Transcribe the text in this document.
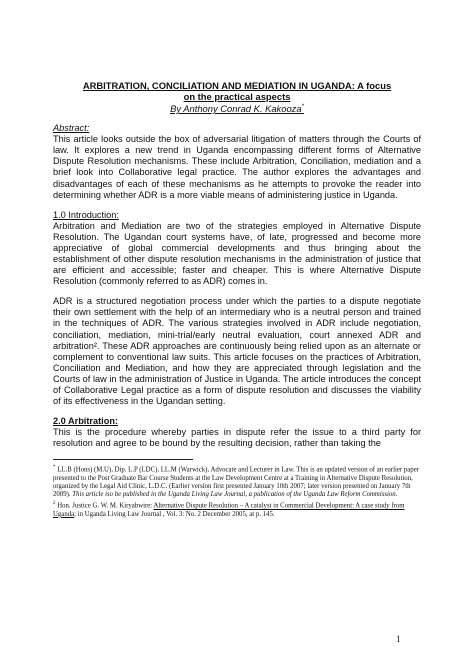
ARBITRATION, CONCILIATION AND MEDIATION IN UGANDA: A focus

on the practical aspects

By Anthony Conrad K. Kakooza*

Abstract:

This article looks outside the box of adversarial litigation of matters through the Courts of law. It explores a new trend in Uganda encompassing different forms of Alternative Dispute Resolution mechanisms. These include Arbitration, Conciliation, mediation and a brief look into Collaborative legal practice. The author explores the advantages and disadvantages of each of these mechanisms as he attempts to provoke the reader into determining whether ADR is a more viable means of administering justice in Uganda.

1.0 Introduction:

Arbitration and Mediation are two of the strategies employed in Alternative Dispute Resolution. The Ugandan court systems have, of late, progressed and become more appreciative of global commercial developments and thus bringing about the establishment of other dispute resolution mechanisms in the administration of justice that are efficient and accessible; faster and cheaper. This is where Alternative Dispute Resolution (commonly referred to as ADR) comes in.

ADR is a structured negotiation process under which the parties to a dispute negotiate their own settlement with the help of an intermediary who is a neutral person and trained in the techniques of ADR. The various strategies involved in ADR include negotiation, conciliation, mediation, mini-trial/early neutral evaluation, court annexed ADR and arbitration². These ADR approaches are continuously being relied upon as an alternate or complement to conventional law suits. This article focuses on the practices of Arbitration, Conciliation and Mediation, and how they are appreciated through legislation and the Courts of law in the administration of Justice in Uganda. The article introduces the concept of Collaborative Legal practice as a form of dispute resolution and discusses the viability of its effectiveness in the Ugandan setting.

2.0 Arbitration:

This is the procedure whereby parties in dispute refer the issue to a third party for resolution and agree to be bound by the resulting decision, rather than taking the

* LL.B (Hons) (M.U), Dip. L.P (LDC), LL.M (Warwick), Advocate and Lecturer in Law. This is an updated version of an earlier paper presented to the Post Graduate Bar Course Students at the Law Development Centre at a Training in Alternative Dispute Resolution, organized by the Legal Aid Clinic, L.D.C. (Earlier version first presented January 10th 2007; later version presented on January 7th 2009). This article iso be published in the Uganda Living Law Journal, a publication of the Uganda Law Reform Commission.

$^2$ Hon. Justice G. W. M. Kiryabwire: Alternative Dispute Resolution – A catalyst in Commercial Development: A case study from Uganda; in Uganda Living Law Journal , Vol. 3: No. 2 December 2005, at p. 145.

1
